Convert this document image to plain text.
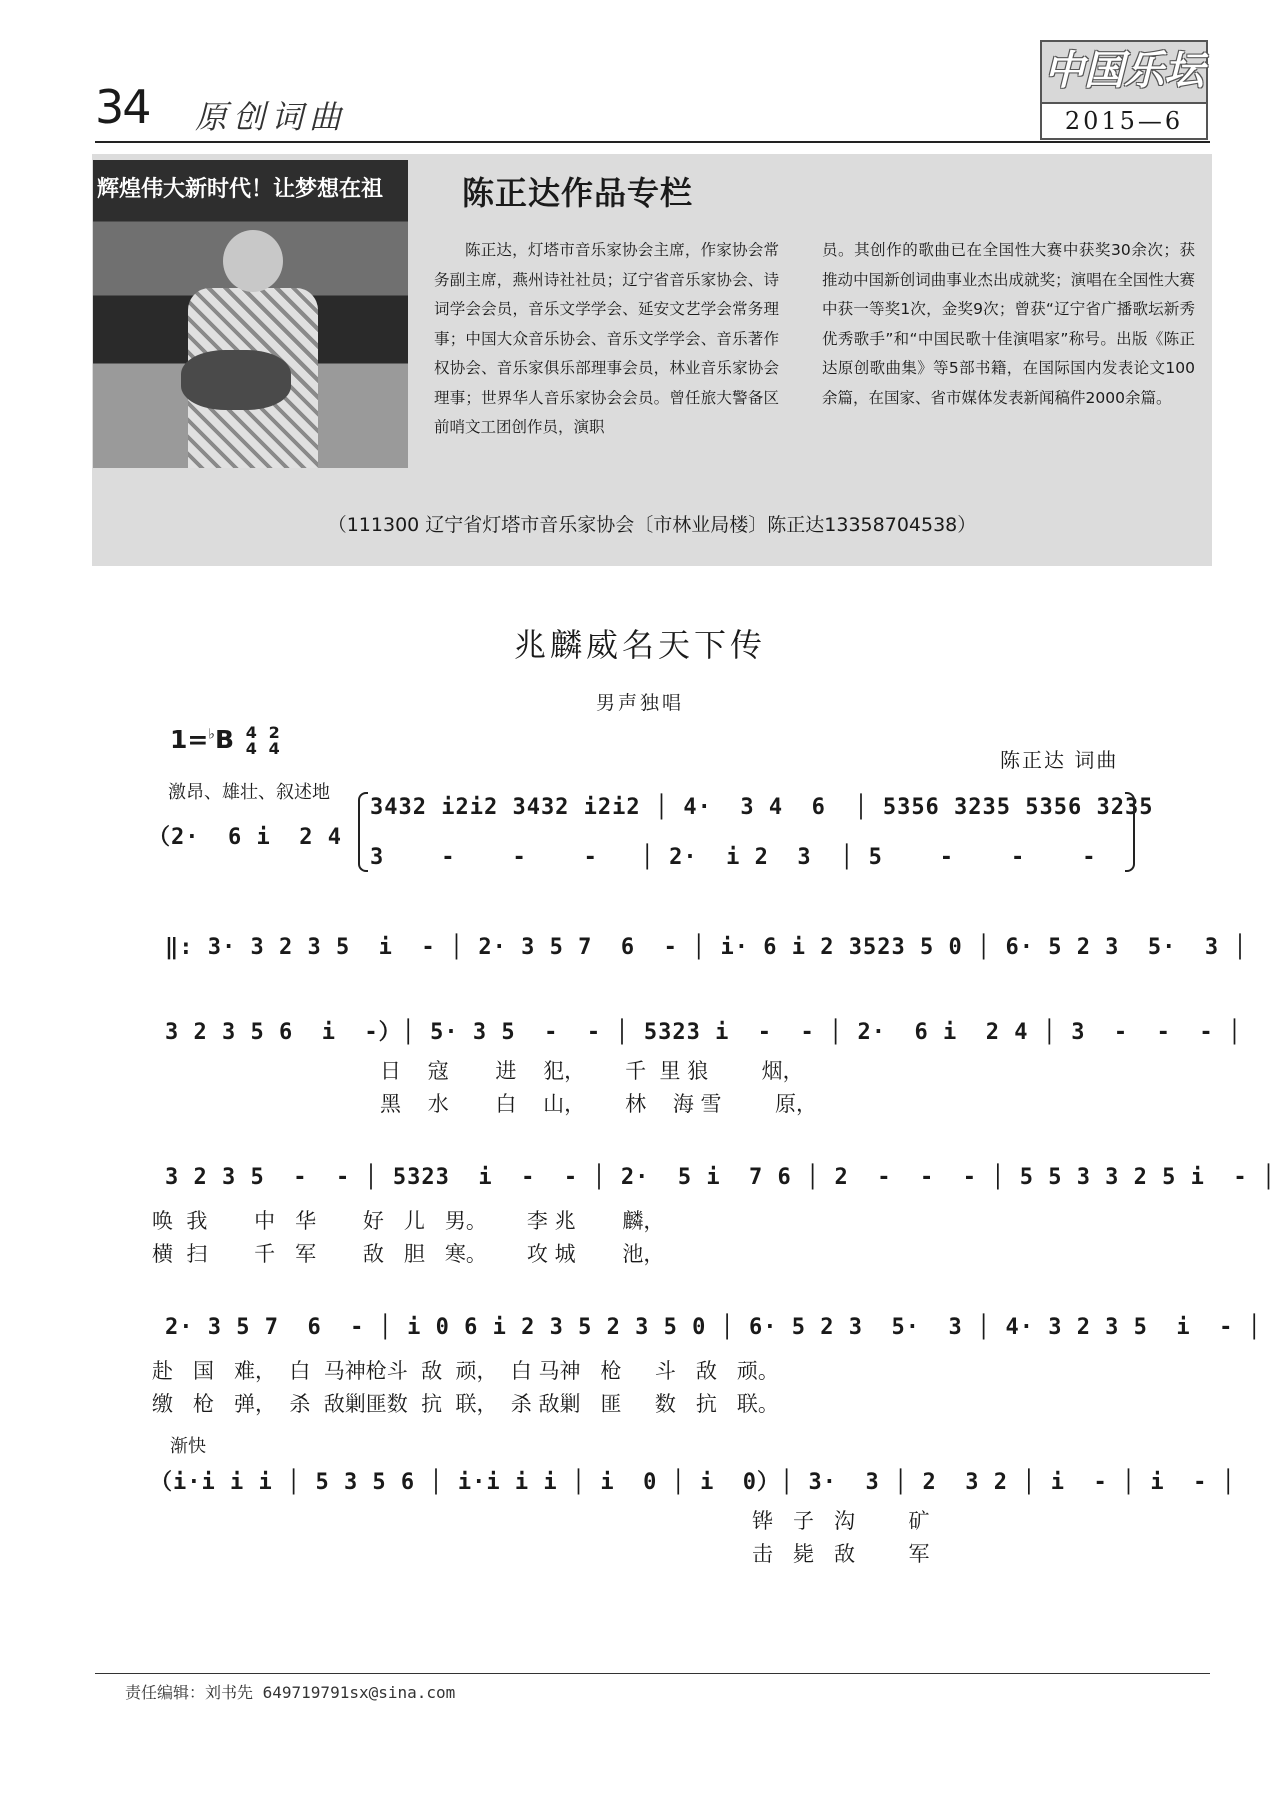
34 原创词曲
中国乐坛
2015—6
辉煌伟大新时代！让梦想在祖	陈正达作品专栏
陈正达，灯塔市音乐家协会主席，作家协会常务副主席，燕州诗社社员；辽宁省音乐家协会、诗词学会会员，音乐文学学会、延安文艺学会常务理事；中国大众音乐协会、音乐文学学会、音乐著作权协会、音乐家俱乐部理事会员，林业音乐家协会理事；世界华人音乐家协会会员。曾任旅大警备区前哨文工团创作员，演职
员。其创作的歌曲已在全国性大赛中获奖30余次；获推动中国新创词曲事业杰出成就奖；演唱在全国性大赛中获一等奖1次，金奖9次；曾获“辽宁省广播歌坛新秀优秀歌手”和“中国民歌十佳演唱家”称号。出版《陈正达原创歌曲集》等5部书籍，在国际国内发表论文100余篇，在国家、省市媒体发表新闻稿件2000余篇。
（111300 辽宁省灯塔市音乐家协会〔市林业局楼〕陈正达13358704538）
兆麟威名天下传
男声独唱
1=♭B 4
4 2
4	陈正达 词曲
激昂、雄壮、叙述地
（2·  6 i  2 4
3432 i2i2 3432 i2i2 │ 4·  3 4  6  │ 5356 3235 5356 3235
3    -    -    -   │ 2·  i 2  3  │ 5    -    -    -
‖: 3· 3 2 3 5  i  - │ 2· 3 5 7  6  - │ i· 6 i 2 3523 5 0 │ 6· 5 2 3  5·  3 │
3 2 3 5 6  i  -）│ 5· 3 5  -  - │ 5323 i  -  - │ 2·  6 i  2 4 │ 3  -  -  - │
日    寇       进    犯，      千  里 狼        烟，
黑    水       白    山，      林    海 雪        原，
3 2 3 5  -  - │ 5323  i  -  - │ 2·  5 i  7 6 │ 2  -  -  - │ 5 5 3 3 2 5 i  - │
唤  我       中   华       好   儿   男。      李 兆       麟，
横  扫       千   军       敌   胆   寒。      攻 城       池，
2· 3 5 7  6  - │ i 0 6 i 2 3 5 2 3 5 0 │ 6· 5 2 3  5·  3 │ 4· 3 2 3 5  i  - │
赴   国   难，  白  马神枪斗  敌  顽，  白 马神   枪     斗   敌   顽。
缴   枪   弹，  杀  敌剿匪数  抗  联，  杀 敌剿   匪     数   抗   联。
渐快
（i·i i i │ 5 3 5 6 │ i·i i i │ i  0 │ i  0）│ 3·  3 │ 2  3 2 │ i  - │ i  - │
铧   子   沟        矿
击   毙   敌        军
责任编辑：刘书先 649719791sx@sina.com
